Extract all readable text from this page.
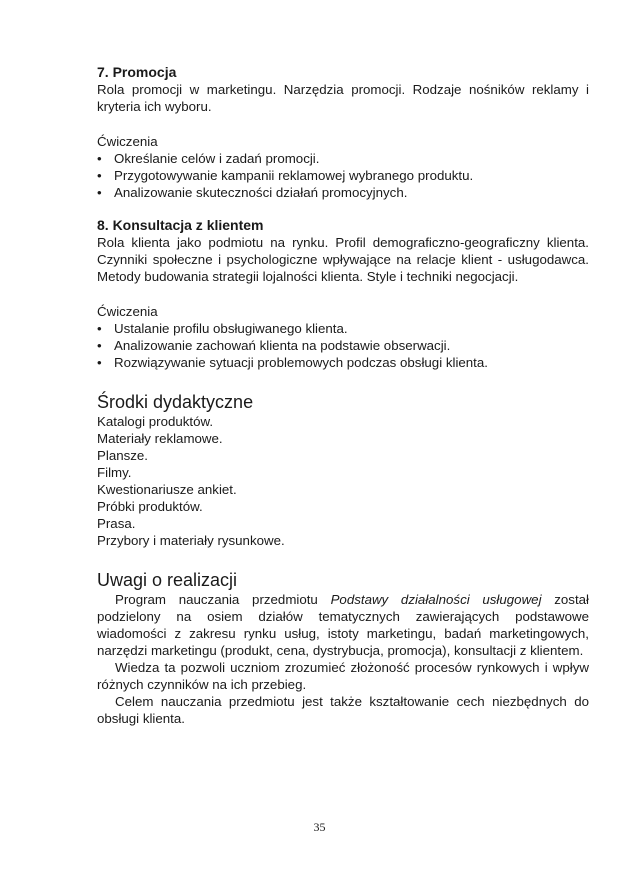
7. Promocja

Rola promocji w marketingu. Narzędzia promocji. Rodzaje nośników reklamy i kryteria ich wyboru.

Ćwiczenia

• Określanie celów i zadań promocji.
• Przygotowywanie kampanii reklamowej wybranego produktu.
• Analizowanie skuteczności działań promocyjnych.

8. Konsultacja z klientem

Rola klienta jako podmiotu na rynku. Profil demograficzno-geograficzny klienta. Czynniki społeczne i psychologiczne wpływające na relacje klient - usługodawca. Metody budowania strategii lojalności klienta. Style i techniki negocjacji.

Ćwiczenia

• Ustalanie profilu obsługiwanego klienta.
• Analizowanie zachowań klienta na podstawie obserwacji.
• Rozwiązywanie sytuacji problemowych podczas obsługi klienta.

Środki dydaktyczne

Katalogi produktów.
Materiały reklamowe.
Plansze.
Filmy.
Kwestionariusze ankiet.
Próbki produktów.
Prasa.
Przybory i materiały rysunkowe.

Uwagi o realizacji

Program nauczania przedmiotu Podstawy działalności usługowej został podzielony na osiem działów tematycznych zawierających podstawowe wiadomości z zakresu rynku usług, istoty marketingu, badań marketingowych, narzędzi marketingu (produkt, cena, dystrybucja, promocja), konsultacji z klientem.

Wiedza ta pozwoli uczniom zrozumieć złożoność procesów rynkowych i wpływ różnych czynników na ich przebieg.

Celem nauczania przedmiotu jest także kształtowanie cech niezbędnych do obsługi klienta.

35
